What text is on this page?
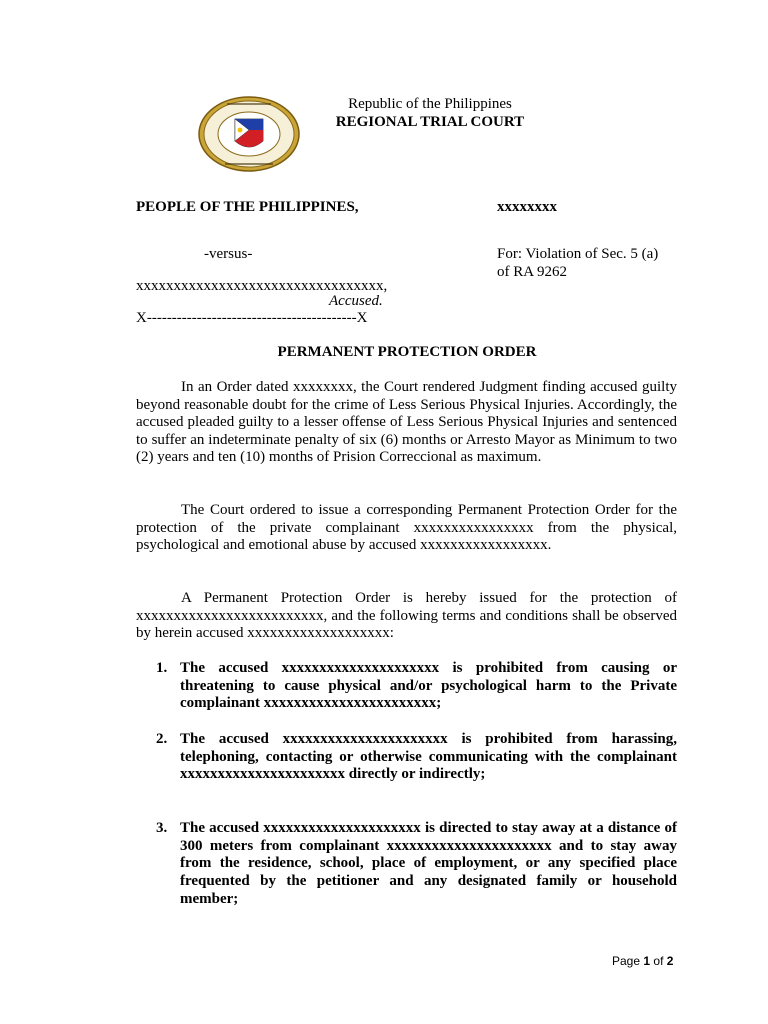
Republic of the Philippines
REGIONAL TRIAL COURT
PEOPLE OF THE PHILIPPINES,	xxxxxxxx
-versus-	For: Violation of Sec. 5 (a)
of RA 9262
xxxxxxxxxxxxxxxxxxxxxxxxxxxxxxxxx,
Accused.
X------------------------------------------X
PERMANENT PROTECTION ORDER
In an Order dated xxxxxxxx, the Court rendered Judgment finding accused guilty beyond reasonable doubt for the crime of Less Serious Physical Injuries. Accordingly, the accused pleaded guilty to a lesser offense of Less Serious Physical Injuries and sentenced to suffer an indeterminate penalty of six (6) months or Arresto Mayor as Minimum to two (2) years and ten (10) months of Prision Correccional as maximum.
The Court ordered to issue a corresponding Permanent Protection Order for the protection of the private complainant xxxxxxxxxxxxxxxx from the physical, psychological and emotional abuse by accused xxxxxxxxxxxxxxxxx.
A Permanent Protection Order is hereby issued for the protection of xxxxxxxxxxxxxxxxxxxxxxxxx, and the following terms and conditions shall be observed by herein accused xxxxxxxxxxxxxxxxxxx:
1. The accused xxxxxxxxxxxxxxxxxxxxx is prohibited from causing or threatening to cause physical and/or psychological harm to the Private complainant xxxxxxxxxxxxxxxxxxxxxxx;
2. The accused xxxxxxxxxxxxxxxxxxxxxx is prohibited from harassing, telephoning, contacting or otherwise communicating with the complainant xxxxxxxxxxxxxxxxxxxxxx directly or indirectly;
3. The accused xxxxxxxxxxxxxxxxxxxxx is directed to stay away at a distance of 300 meters from complainant xxxxxxxxxxxxxxxxxxxxxx and to stay away from the residence, school, place of employment, or any specified place frequented by the petitioner and any designated family or household member;
Page 1 of 2
